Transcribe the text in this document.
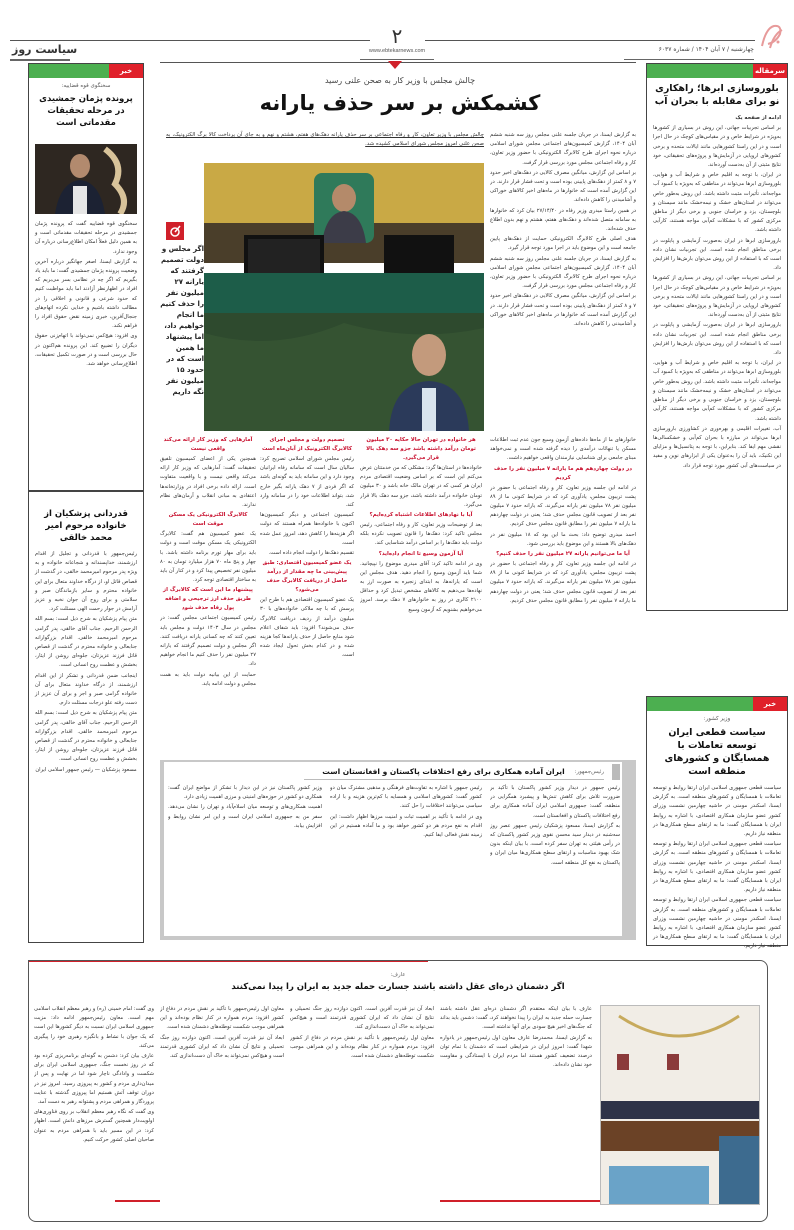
۲
www.ebtekarnews.com
سیاست روز	چهارشنبه / ۷ آبان ۱۴۰۴ / شماره ۶۰۳۷
سرمقاله
بلوروسازی ابرها؛ راهکاری نو برای مقابله با بحران آب

ادامه از صفحه یک

بر اساس تجربیات جهانی، این روش در بسیاری از کشورها به‌ویژه در شرایط خاص و در مقیاس‌های کوچک در حال اجرا است و در این راستا کشورهایی مانند ایالات متحده و برخی کشورهای اروپایی در آزمایش‌ها و پروژه‌های تحقیقاتی، خود نتایج مثبتی از آن به‌دست آورده‌اند.

در ایران، با توجه به اقلیم خاص و شرایط آب و هوایی، بلوروسازی ابرها می‌تواند در مناطقی که به‌ویژه با کمبود آب مواجه‌اند، تأثیرات مثبت داشته باشد. این روش به‌طور خاص می‌تواند در استان‌های خشک و نیمه‌خشک مانند سیستان و بلوچستان، یزد و خراسان جنوبی و برخی دیگر از مناطق مرکزی کشور که با مشکلات کم‌آبی مواجه هستند، کارآیی داشته باشد.

بارورسازی ابرها در ایران به‌صورت آزمایشی و پایلوت در برخی مناطق انجام شده است. این تجربیات نشان داده است که با استفاده از این روش می‌توان بارش‌ها را افزایش داد.

بر اساس تجربیات جهانی، این روش در بسیاری از کشورها به‌ویژه در شرایط خاص و در مقیاس‌های کوچک در حال اجرا است و در این راستا کشورهایی مانند ایالات متحده و برخی کشورهای اروپایی در آزمایش‌ها و پروژه‌های تحقیقاتی، خود نتایج مثبتی از آن به‌دست آورده‌اند.

بارورسازی ابرها در ایران به‌صورت آزمایشی و پایلوت در برخی مناطق انجام شده است. این تجربیات نشان داده است که با استفاده از این روش می‌توان بارش‌ها را افزایش داد.

در ایران، با توجه به اقلیم خاص و شرایط آب و هوایی، بلوروسازی ابرها می‌تواند در مناطقی که به‌ویژه با کمبود آب مواجه‌اند، تأثیرات مثبت داشته باشد. این روش به‌طور خاص می‌تواند در استان‌های خشک و نیمه‌خشک مانند سیستان و بلوچستان، یزد و خراسان جنوبی و برخی دیگر از مناطق مرکزی کشور که با مشکلات کم‌آبی مواجه هستند، کارآیی داشته باشد.

آب، تغییرات اقلیمی و بهره‌وری در کشاورزی بارورسازی ابرها می‌تواند در مبارزه با بحران کم‌آبی و خشکسالی‌ها نقشی مهم ایفا کند. بنابراین، با توجه به پتانسیل‌ها و مزایای این تکنیک، باید آن را به‌عنوان یکی از ابزارهای نوین و مفید در سیاست‌های آبی کشور مورد توجه قرار داد.

خبر
وزیر کشور:
سیاست قطعی ایران توسعه تعاملات با همسایگان و کشورهای منطقه است

سیاست قطعی جمهوری اسلامی ایران ارتقا روابط و توسعه تعاملات با همسایگان و کشورهای منطقه است. به گزارش ایسنا، اسکندر مومنی در حاشیه چهارمین نشست وزرای کشور عضو سازمان همکاری اقتصادی، با اشاره به روابط ایران با همسایگان گفت: ما به ارتقای سطح همکاری‌ها در منطقه نیاز داریم.

سیاست قطعی جمهوری اسلامی ایران ارتقا روابط و توسعه تعاملات با همسایگان و کشورهای منطقه است. به گزارش ایسنا، اسکندر مومنی در حاشیه چهارمین نشست وزرای کشور عضو سازمان همکاری اقتصادی، با اشاره به روابط ایران با همسایگان گفت: ما به ارتقای سطح همکاری‌ها در منطقه نیاز داریم.

سیاست قطعی جمهوری اسلامی ایران ارتقا روابط و توسعه تعاملات با همسایگان و کشورهای منطقه است. به گزارش ایسنا، اسکندر مومنی در حاشیه چهارمین نشست وزرای کشور عضو سازمان همکاری اقتصادی، با اشاره به روابط ایران با همسایگان گفت: ما به ارتقای سطح همکاری‌ها در منطقه نیاز داریم.

خبر
سخنگوی قوه قضاییه:
پرونده پژمان جمشیدی در مرحله تحقیقات مقدماتی است

سخنگوی قوه قضاییه گفت که پرونده پژمان جمشیدی در مرحله تحقیقات مقدماتی است و به همین دلیل فعلاً امکان اطلاع‌رسانی درباره آن وجود ندارد.

به گزارش ایسنا، اصغر جهانگیر درباره آخرین وضعیت پرونده پژمان جمشیدی گفت: ما باید یاد بگیریم که اگر چه در نظامی بسر می‌بریم که افراد در اظهارنظر آزادند اما باید مواظبت کنیم که حدود شرعی و قانونی و اخلاقی را در مطالب داشته باشیم و خدایی نکرده اتهام‌های جنجال‌آفرین، خبری زمینه نقض حقوق افراد را فراهم نکند.

وی افزود: هیچ‌کس نمی‌تواند با اتهام‌زنی حقوق دیگران را تضییع کند. این پرونده هم‌اکنون در حال بررسی است و در صورت تکمیل تحقیقات، اطلاع‌رسانی خواهد شد.

قدردانی پزشکیان از خانواده مرحوم امیر محمد خالقی

رئیس‌جمهور با قدردانی و تجلیل از اقدام ارزشمند، خداپسندانه و شجاعانه خانواده و به ویژه پدر مرحوم امیرمحمد خالقی، در گذشت از قصاص قاتل او، از درگاه خداوند متعال برای این خانواده محترم و سایر بازماندگان صبر و سلامتی و برای روح آن جوان نخبه و عزیز آرامش در جوار رحمت الهی مسئلت کرد.

متن پیام پزشکیان به شرح ذیل است: بسم الله الرحمن الرحیم. جناب آقای خالقی، پدر گرامی مرحوم امیرمحمد خالقی. اقدام بزرگوارانه جنابعالی و خانواده محترم در گذشت از قصاص قاتل فرزند عزیزتان، جلوه‌ای روشن از ایثار، بخشش و عظمت روح انسانی است.

اینجانب ضمن قدردانی و تشکر از این اقدام ارزشمند، از درگاه خداوند متعال برای آن خانواده گرامی صبر و اجر و برای آن عزیز از دست رفته علو درجات مسئلت دارم.

متن پیام پزشکیان به شرح ذیل است: بسم الله الرحمن الرحیم. جناب آقای خالقی، پدر گرامی مرحوم امیرمحمد خالقی. اقدام بزرگوارانه جنابعالی و خانواده محترم در گذشت از قصاص قاتل فرزند عزیزتان، جلوه‌ای روشن از ایثار، بخشش و عظمت روح انسانی است.

مسعود پزشکیان — رئیس جمهور اسلامی ایران

چالش مجلس با وزیر کار به صحن علنی رسید
کشمکش بر سر حذف یارانه
چالش مجلس با وزیر تعاون، کار و رفاه اجتماعی بر سر حذف یارانه دهک‌های هفتم، هشتم و نهم و به جای آن پرداخت کالا برگ الکترونیک، به صحن علنی امروز مجلس شورای اسلامی کشیده شد.

به گزارش ایسنا، در جریان جلسه علنی مجلس روز سه شنبه ششم آبان ۱۴۰۴، گزارش کمیسیون‌های اجتماعی مجلس شورای اسلامی درباره نحوه اجرای طرح کالابرگ الکترونیکی با حضور وزیر تعاون، کار و رفاه اجتماعی مجلس مورد بررسی قرار گرفت.

بر اساس این گزارش، میانگین مصرف کالایی در دهک‌های اخیر حدود ۷ و ۸ کمتر از دهک‌های پایینی بوده است و تحت فشار قرار دارند. در این گزارش آمده است که خانوارها در ماه‌های اخیر کالاهای خوراکی و آشامیدنی را کاهش داده‌اند.

در همین راستا میدری وزیر رفاه در ۲۷/۱۴/۴۰ بیان کرد که خانوارها به سامانه متصل شده‌اند و دهک‌های هفتم، هشتم و نهم بدون اطلاع حذف شده‌اند.

هدف اصلی طرح کالابرگ الکترونیکی حمایت از دهک‌های پایین جامعه است و این موضوع باید در اجرا مورد توجه قرار گیرد.

به گزارش ایسنا، در جریان جلسه علنی مجلس روز سه شنبه ششم آبان ۱۴۰۴، گزارش کمیسیون‌های اجتماعی مجلس شورای اسلامی درباره نحوه اجرای طرح کالابرگ الکترونیکی با حضور وزیر تعاون، کار و رفاه اجتماعی مجلس مورد بررسی قرار گرفت.

بر اساس این گزارش، میانگین مصرف کالایی در دهک‌های اخیر حدود ۷ و ۸ کمتر از دهک‌های پایینی بوده است و تحت فشار قرار دارند. در این گزارش آمده است که خانوارها در ماه‌های اخیر کالاهای خوراکی و آشامیدنی را کاهش داده‌اند.

اگر مجلس و دولت تصمیم گرفتند که یارانه ۲۷ میلیون نفر را حذف کنیم ما انجام خواهیم داد، اما پیشنهاد ما همین است که در حدود ۱۵ میلیون نفر نگه داریم

خانوارهای ما از ماه‌ها داده‌های آزمون وسیع جون عدم ثبت اطلاعات مسکن یا تنهائات درآمدی را دیده گرفته شده است و نمی‌خواهد مبنای جامعی برای شناسایی نیازمندان واقعی خواهیم داشت.

در دولت چهاردهم هم ما یارانه ۷ میلیون نفر را حذف کردیم

در ادامه این جلسه وزیر تعاون، کار و رفاه اجتماعی با حضور در پشت تریبون مجلس، یادآوری کرد که در شرایط کنونی ما از ۸۹ میلیون نفر ۷۸ میلیون نفر یارانه می‌گیرند. که یارانه حدود ۷ میلیون نفر بعد از تصویب قانون مجلس حذف شد؛ یعنی در دولت چهاردهم ما یارانه ۷ میلیون نفر را مطابق قانون مجلس حذف کردیم.

احمد میدری توضیح داد: بحث ما این بود که ۱۸ میلیون نفر در دهک‌های بالا هستند و این موضوع باید بررسی شود.

آیا ما می‌توانیم یارانه ۲۷ میلیون نفر را حذف کنیم؟

در ادامه این جلسه وزیر تعاون، کار و رفاه اجتماعی با حضور در پشت تریبون مجلس، یادآوری کرد که در شرایط کنونی ما از ۸۹ میلیون نفر ۷۸ میلیون نفر یارانه می‌گیرند. که یارانه حدود ۷ میلیون نفر بعد از تصویب قانون مجلس حذف شد؛ یعنی در دولت چهاردهم ما یارانه ۷ میلیون نفر را مطابق قانون مجلس حذف کردیم.

هر خانواده در تهران حالا حکایه ۳۰ میلیون تومان درآمد داشته باشد جزو سه دهک بالا قرار می‌گیرد.

خانواده‌ها در استان‌ها گرد: مشکلی که من خدمتتان عرض می‌کنم این است که بر اساس وضعیت اقتصادی مردم ایران هر کسی که در تهران مالک خانه باشد و ۳۰ میلیون تومان خانواده درآمد داشته باشد، جزو سه دهک بالا قرار می‌گیرد.

آیا با نهادهای اطلاعات اشتباه کرده‌ایم؟

بعد از توضیحات وزیر تعاون، کار و رفاه اجتماعی، رئیس مجلس تاکید کرد: دهک‌ها را قانون تصویب نکرده بلکه دولت باید دهک‌ها را بر اساس درآمد شناسایی کند.

آیا آزمون وسیع تا انجام داده‌اید؟

وی در ادامه تاکید کرد: آقای میدری موضوع را نپیچانید. شما باید آزمون وسیع را انجام دهید. هدف مجلس این است که یارانه‌ها، به ابتدای زنجیره به صورت ارز به نهاده‌ها می‌دهیم به کالاهای مشخص تبدیل کرد و حداقل ۲۱۰۰ کالری در روز به خانوارهای ۷ دهک برسد. امروز می‌خواهیم بشنویم که آزمون وسیع

تصمیم دولت و مجلس اجرای کالابرگ الکترونیک از آبان‌ماه است

رئیس مجلس شورای اسلامی تصریح کرد: سالیان سال است که سامانه رفاه ایرانیان وجود دارد و این سامانه باید به گونه‌ای باشد که اگر فردی از ۷ دهک یارانه بگیر خارج شد، بتواند اطلاعات خود را در سامانه وارد کند.

کمیسیون اجتماعی و دیگر کمیسیون‌ها اکنون با خانواده‌ها همراه هستند که دولت اگر هزینه‌ها را کاهش دهد، امروز عمل شده است.

تقسیم دهک‌ها را دولت انجام داده است.

یک عضو کمیسیون اقتصادی: طبق پیش‌بینی ما چه مقدار از درآمد حاصل از دریافت کالابرگ حذف می‌شود؟

یک عضو کمیسیون اقتصادی هم با طرح این پرسش که با چه ملاکی خانواده‌های با ۳۰ میلیون درآمد از ردیف دریافت کالابرگ حذف می‌شوند؟ افزود: باید شفاف اعلام شود منابع حاصل از حذف یارانه‌ها کجا هزینه شده و در کدام بخش تحول ایجاد شده است.

آمارهایی که وزیر کار ارائه می‌کند واقعی نیست

همچنین یکی از اعضای کمیسیون تلفیق تحقیقات گفت: آمارهایی که وزیر کار ارائه می‌کند واقعی نیست و با واقعیت متفاوت است. ارائه داده برخی افراد در وزارتخانه‌ها اعتقادی به مبانی انقلاب و آرمان‌های نظام ندارند.

کالابرگ الکترونیکی یک مسکن موقت است

یک عضو کمیسیون هم گفت: کالابرگ الکترونیکی یک مسکن موقت است و دولت باید برای مهار تورم برنامه داشته باشد. با چهار و پنج ماه ۷۰ هزار میلیارد تومان به ۸۰ میلیون نفر تخصیص پیدا کرد و در کنار آن باید به ساختار اقتصادی توجه کرد.

پیشنهاد ما این است که کالابرگ از طریق حذف ارز ترجیحی و اضافه پول رفاه حذف شود

رئیس کمیسیون اجتماعی مجلس گفت: در مجلس در سال ۱۴۰۳ دولت و مجلس باید تعیین کنند که چه کسانی یارانه دریافت کنند. اگر مجلس و دولت تصمیم گرفتند که یارانه ۲۷ میلیون نفر را حذف کنیم ما انجام خواهیم داد.

حمایت از این بیانیه دولت باید به همت مجلس و دولت ادامه یابد.

رئیس‌جمهور:
ایران آماده همکاری برای رفع اختلافات پاکستان و افغانستان است

رئیس جمهور در دیدار وزیر کشور پاکستان با تأکید بر ضرورت تلاش برای کاهش تنش‌ها و پیشبرد همگرایی در منطقه، گفت: جمهوری اسلامی ایران آماده همکاری برای رفع اختلافات پاکستان و افغانستان است.

به گزارش ایسنا، مسعود پزشکیان رئیس جمهور عصر روز سه‌شنبه در دیدار سید محسن نقوی وزیر کشور پاکستان که در رأس هیئتی به تهران سفر کرده است، با بیان اینکه بدون شک بهبود مناسبات و ارتقای سطح همکاری‌ها میان ایران و پاکستان به نفع کل منطقه است.

رئیس جمهور با اشاره به تفاوت‌های فرهنگی و مذهبی مشترک میان دو کشور گفت: کشورهای اسلامی و همسایه با کم‌ترین هزینه و با اراده سیاسی می‌توانند اختلافات را حل کنند.

وی در ادامه با تأکید بر اهمیت ثبات و امنیت مرزها اظهار داشت: این اقدام به نفع مردم هر دو کشور خواهد بود و ما آماده هستیم در این زمینه نقش فعالی ایفا کنیم.

وزیر کشور پاکستان نیز در این دیدار با تشکر از مواضع ایران گفت: همکاری دو کشور در حوزه‌های امنیتی و مرزی اهمیت زیادی دارد.

اهمیت همکاری‌های و توسعه میان اسلام‌آباد و تهران را نشان می‌دهد. سفر من به جمهوری اسلامی ایران است و این امر نشان روابط و افزایش بیابد.

عارف:
اگر دشمنان ذره‌ای عقل داشته باشند جسارت حمله جدید به ایران را پیدا نمی‌کنند

عارف با بیان اینکه معتقدم اگر دشمنان ذره‌ای عقل داشته باشند جسارت حمله جدید به ایران را پیدا نخواهند کرد، گفت: دشمن باید بداند که جنگ‌های اخیر هیچ سودی برای آنها نداشته است.

به گزارش ایسنا، محمدرضا عارف معاون اول رئیس‌جمهور در یادواره شهدا گفت: امروز ایران در شرایطی است که دشمنان با تمام توان درصدد تضعیف کشور هستند اما مردم ایران با ایستادگی و مقاومت خود نشان داده‌اند.

ابعاد آن نیز قدرت آفرین است. اکنون دوازده روز جنگ تحمیلی و نتایج آن نشان داد که ایران کشوری قدرتمند است و هیچ‌کس نمی‌تواند به خاک آن دست‌اندازی کند.

معاون اول رئیس‌جمهور با تأکید بر نقش مردم در دفاع از کشور افزود: مردم همواره در کنار نظام بوده‌اند و این همراهی موجب شکست توطئه‌های دشمنان شده است.

معاون اول رئیس‌جمهور با تأکید بر نقش مردم در دفاع از کشور افزود: مردم همواره در کنار نظام بوده‌اند و این همراهی موجب شکست توطئه‌های دشمنان شده است.

ابعاد آن نیز قدرت آفرین است. اکنون دوازده روز جنگ تحمیلی و نتایج آن نشان داد که ایران کشوری قدرتمند است و هیچ‌کس نمی‌تواند به خاک آن دست‌اندازی کند.

وی گفت: امام خمینی (ره) و رهبر معظم انقلاب اسلامی مهم است. معاون رئیس‌جمهور ادامه داد: مزیت جمهوری اسلامی ایران نسبت به دیگر کشورها این است که یک جوان با نشاط و بانگیزه رهبری خود را پیگیری می‌کند.

عارف بیان کرد: دشمن به گونه‌ای برنامه‌ریزی کرده بود که در روز نخست جنگ، جمهوری اسلامی ایران برای شکست و وادادگی ناچار شود اما در نهایت و پس از میدان‌داری مردم و کشور به پیروزی رسید. امروز نیز در دوران توقف آتش هستیم اما پیروزی گذشته با عنایت پروردگار و همراهی مردم و پشتوانه رهبر به دست آمد.

وی گفت که نگاه رهبر معظم انقلاب بر روی فناوری‌های اولویت‌دار همچنین گسترش مرزهای دانش است. اظهار کرد: در این مسیر باید با همراهی مردم به عنوان صاحبان اصلی کشور حرکت کنیم.
